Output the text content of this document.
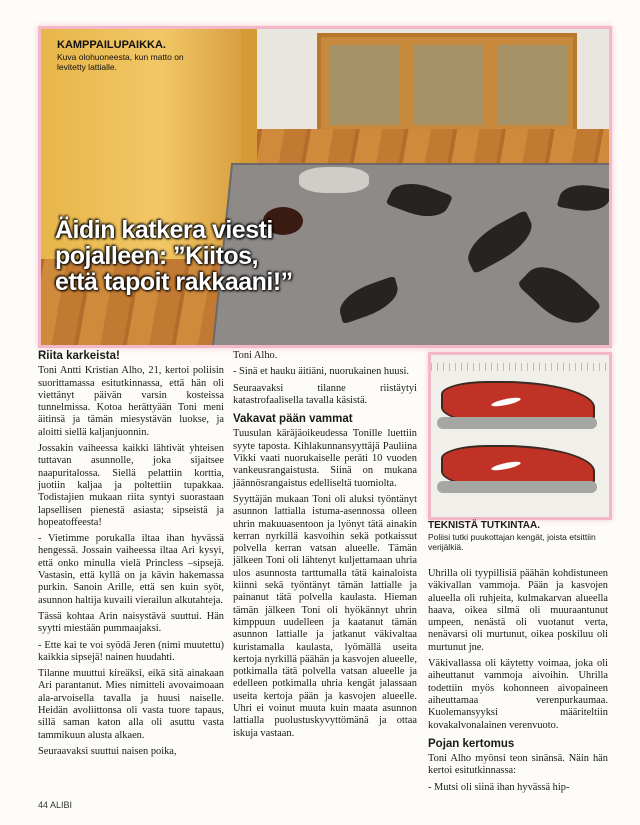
KAMPPAILUPAIKKA.
Kuva olohuoneesta, kun matto on levitetty lattialle.
Äidin katkera viesti pojalleen: ”Kiitos, että tapoit rakkaani!”
Riita karkeista!

Toni Antti Kristian Alho, 21, kertoi poliisin suorittamassa esitutkinnassa, että hän oli viettänyt päivän varsin kosteissa tunnelmissa. Kotoa herättyään Toni meni äitinsä ja tämän miesystävän luokse, ja aloitti siellä kaljanjuonnin.

Jossakin vaiheessa kaikki lähtivät yhteisen tuttavan asunnolle, joka sijaitsee naapuritalossa. Siellä pelattiin korttia, juotiin kaljaa ja poltettiin tupakkaa. Todistajien mukaan riita syntyi suorastaan lapsellisen pienestä asiasta; sipseistä ja hopeatoffeesta!

- Vietimme porukalla iltaa ihan hyvässä hengessä. Jossain vaiheessa iltaa Ari kysyi, että onko minulla vielä Princless –sipsejä. Vastasin, että kyllä on ja kävin hakemassa purkin. Sanoin Arille, että sen kuin syöt, asunnon haltija kuvaili vierailun alkutahteja.

Tässä kohtaa Arin naisystävä suuttui. Hän syytti miestään pummaajaksi.

- Ette kai te voi syödä Jeren (nimi muutettu) kaikkia sipsejä! nainen huudahti.

Tilanne muuttui kireäksi, eikä sitä ainakaan Ari parantanut. Mies nimitteli avovaimoaan ala-arvoisella tavalla ja huusi naiselle. Heidän avoliittonsa oli vasta tuore tapaus, sillä saman katon alla oli asuttu vasta tammikuun alusta alkaen.

Seuraavaksi suuttui naisen poika,

Toni Alho.

- Sinä et hauku äitiäni, nuorukainen huusi.

Seuraavaksi tilanne riistäytyi katastrofaalisella tavalla käsistä.

Vakavat pään vammat

Tuusulan käräjäoikeudessa Tonille luettiin syyte taposta. Kihlakunnansyyttäjä Pauliina Vikki vaati nuorukaiselle peräti 10 vuoden vankeusrangaistusta. Siinä on mukana jäännösrangaistus edelliseltä tuomiolta.

Syyttäjän mukaan Toni oli aluksi työntänyt asunnon lattialla istuma-asennossa olleen uhrin makuuasentoon ja lyönyt tätä ainakin kerran nyrkillä kasvoihin sekä potkaissut polvella kerran vatsan alueelle. Tämän jälkeen Toni oli lähtenyt kuljettamaan uhria ulos asunnosta tarttumalla tätä kainaloista kiinni sekä työntänyt tämän lattialle ja painanut tätä polvella kaulasta. Hieman tämän jälkeen Toni oli hyökännyt uhrin kimppuun uudelleen ja kaatanut tämän asunnon lattialle ja jatkanut väkivaltaa kuristamalla kaulasta, lyömällä useita kertoja nyrkillä päähän ja kasvojen alueelle, potkimalla tätä polvella vatsan alueelle ja edelleen potkimalla uhria kengät jalassaan useita kertoja pään ja kasvojen alueelle. Uhri ei voinut muuta kuin maata asunnon lattialla puolustuskyvyttömänä ja ottaa iskuja vastaan.

TEKNISTÄ TUTKINTAA.
Poliisi tutki puukottajan kengät, joista etsittiin verijälkiä.

Uhrilla oli tyypillisiä päähän kohdistuneen väkivallan vammoja. Pään ja kasvojen alueella oli ruhjeita, kulmakarvan alueella haava, oikea silmä oli muuraantunut umpeen, nenästä oli vuotanut verta, nenävarsi oli murtunut, oikea poskiluu oli murtunut jne.

Väkivallassa oli käytetty voimaa, joka oli aiheuttanut vammoja aivoihin. Uhrilla todettiin myös kohonneen aivopaineen aiheuttamaa verenpurkaumaa. Kuolemansyyksi määriteltiin kovakalvonalainen verenvuoto.

Pojan kertomus

Toni Alho myönsi teon sinänsä. Näin hän kertoi esitutkinnassa:

- Mutsi oli siinä ihan hyvässä hip-

44 ALIBI
